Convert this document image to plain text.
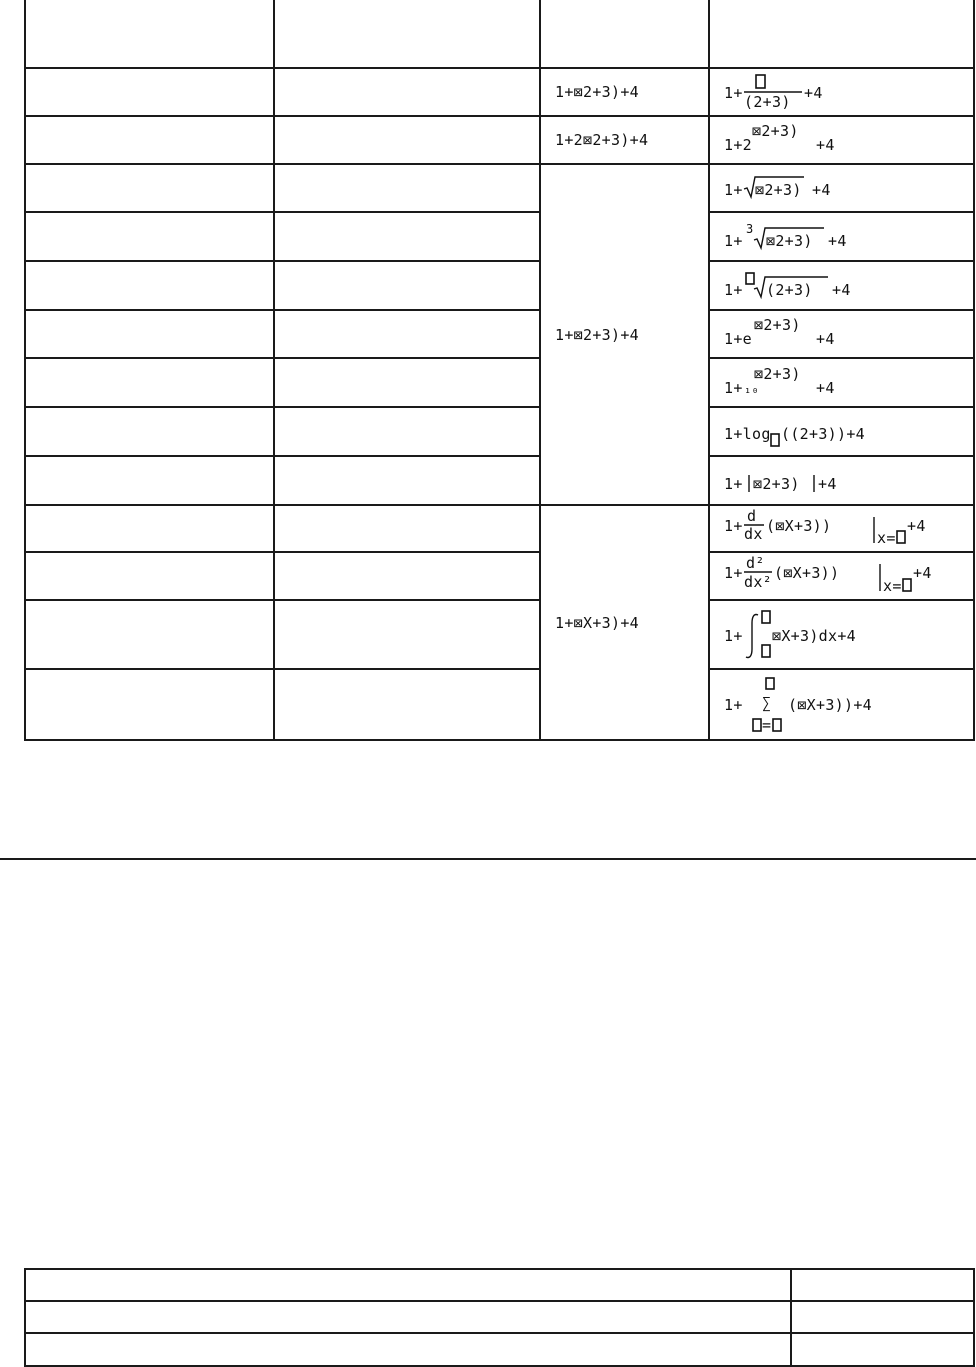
1+⊠2+3)+4
1+2⊠2+3)+4
1+⊠2+3)+4
1+⊠X+3)+4
1+ (2+3) +4
1+2
⊠2+3)
+4
1+ ⊠2+3) +4
1+
3
⊠2+3) +4
1+ (2+3) +4
1+e
⊠2+3)
+4
1+ ₁₀
⊠2+3)
+4
1+log ((2+3))+4
1+ ⊠2+3) +4
1+
d
dx (⊠X+3))
x=
+4
1+
d²
dx² (⊠X+3))
x=
+4
1+ ⊠X+3)dx+4
1+ ∑
=
(⊠X+3))+4
